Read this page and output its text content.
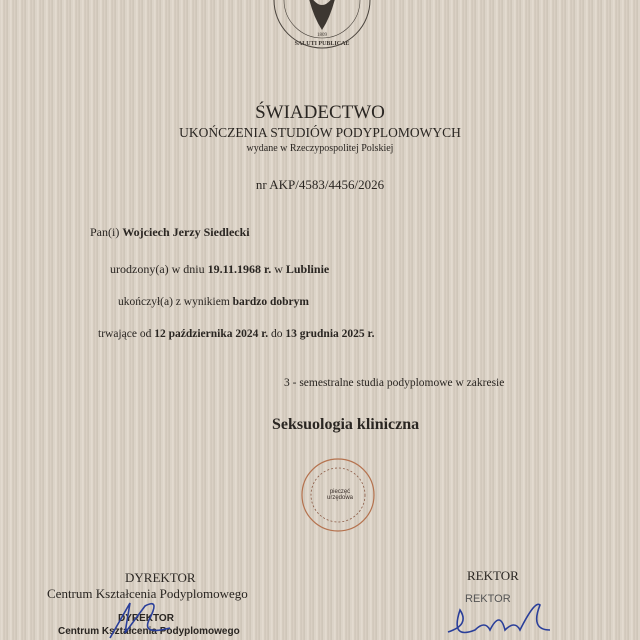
1809
SALUTI PUBLICAE
ŚWIADECTWO
UKOŃCZENIA STUDIÓW PODYPLOMOWYCH
wydane w Rzeczypospolitej Polskiej
nr AKP/4583/4456/2026
Pan(i) Wojciech Jerzy Siedlecki
urodzony(a) w dniu 19.11.1968 r. w Lublinie
ukończył(a) z wynikiem bardzo dobrym
trwające od 12 października 2024 r. do 13 grudnia 2025 r.
3 - semestralne studia podyplomowe w zakresie
Seksuologia kliniczna
pieczęć urzędowa
DYREKTOR
Centrum Kształcenia Podyplomowego
DYREKTOR
Centrum Kształcenia Podyplomowego
REKTOR
REKTOR
